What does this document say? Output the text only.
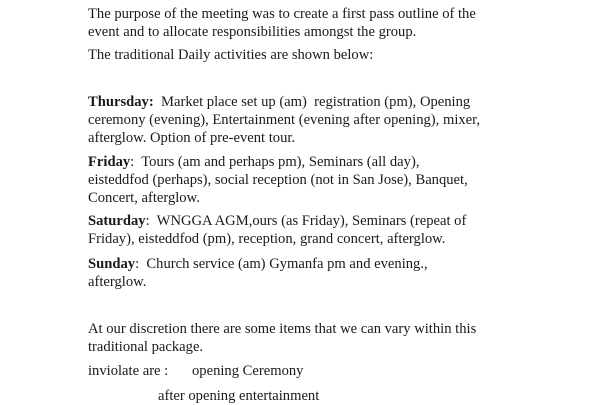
The purpose of the meeting was to create a first pass outline of the
event and to allocate responsibilities amongst the group.
The traditional Daily activities are shown below:
Thursday:  Market place set up (am)  registration (pm), Opening
ceremony (evening), Entertainment (evening after opening), mixer,
afterglow. Option of pre-event tour.
Friday:  Tours (am and perhaps pm), Seminars (all day),
eisteddfod (perhaps), social reception (not in San Jose), Banquet,
Concert, afterglow.
Saturday:  WNGGA AGM,ours (as Friday), Seminars (repeat of
Friday), eisteddfod (pm), reception, grand concert, afterglow.
Sunday:  Church service (am) Gymanfa pm and evening.,
afterglow.
At our discretion there are some items that we can vary within this
traditional package.
inviolate are : opening Ceremony
after opening entertainment
